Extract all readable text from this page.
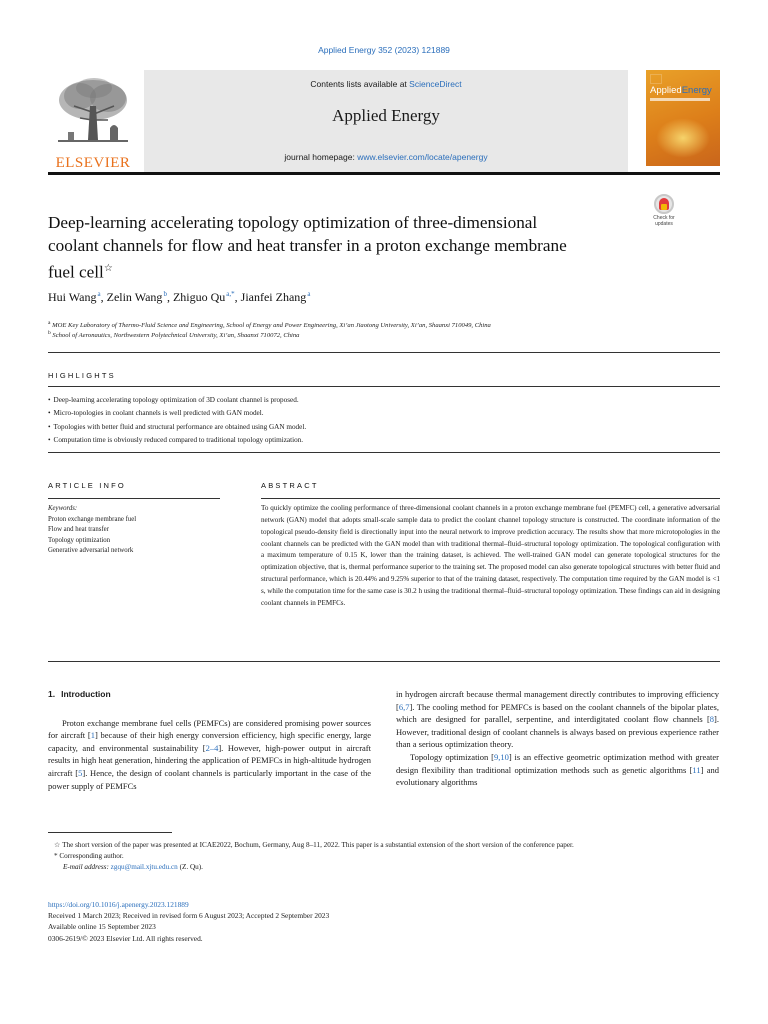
Applied Energy 352 (2023) 121889
ELSEVIER
Contents lists available at ScienceDirect
Applied Energy
journal homepage: www.elsevier.com/locate/apenergy
AppliedEnergy
Deep-learning accelerating topology optimization of three-dimensional
coolant channels for flow and heat transfer in a proton exchange membrane
fuel cell☆
Check for
updates
Hui Wang $^a$, Zelin Wang $^b$, Zhiguo Qu $^{a,*}$, Jianfei Zhang $^a$
$^a$ MOE Key Laboratory of Thermo-Fluid Science and Engineering, School of Energy and Power Engineering, Xi’an Jiaotong University, Xi’an, Shaanxi 710049, China
$^b$ School of Aeronautics, Northwestern Polytechnical University, Xi’an, Shaanxi 710072, China
HIGHLIGHTS
• Deep-learning accelerating topology optimization of 3D coolant channel is proposed.
• Micro-topologies in coolant channels is well predicted with GAN model.
• Topologies with better fluid and structural performance are obtained using GAN model.
• Computation time is obviously reduced compared to traditional topology optimization.
ARTICLE INFO
Keywords:
Proton exchange membrane fuel
Flow and heat transfer
Topology optimization
Generative adversarial network
ABSTRACT
To quickly optimize the cooling performance of three-dimensional coolant channels in a proton exchange membrane fuel (PEMFC) cell, a generative adversarial network (GAN) model that adopts small-scale sample data to predict the coolant channel topology structure is constructed. The coordinate information of the topological pseudo-density field is directionally input into the neural network to improve prediction accuracy. The results show that more microtopologies in the coolant channels can be predicted with the GAN model than with traditional thermal–fluid–structural topology optimization. The topological configuration with a maximum temperature of 0.15 K, lower than the training dataset, is achieved. The well-trained GAN model can generate topological structures for the optimization objective, that is, thermal performance superior to the training set. The proposed model can also generate topological structures with better fluid and structural performance, which is 20.44% and 9.25% superior to that of the training dataset, respectively. The computation time required by the GAN model is <1 s, while the computation time for the same case is 30.2 h using the traditional thermal–fluid–structural topology optimization. These findings can aid in designing coolant channels in PEMFCs.
1. Introduction

Proton exchange membrane fuel cells (PEMFCs) are considered promising power sources for aircraft [1] because of their high energy conversion efficiency, high specific energy, large capacity, and environmental sustainability [2–4]. However, high-power output in aircraft results in high heat generation, hindering the application of PEMFCs in high-altitude hydrogen aircraft [5]. Hence, the design of coolant channels is particularly important in the case of the power supply of PEMFCs

in hydrogen aircraft because thermal management directly contributes to improving efficiency [6,7]. The cooling method for PEMFCs is based on the coolant channels of the bipolar plates, which are designed for parallel, serpentine, and interdigitated coolant flow channels [8]. However, traditional design of coolant channels is always based on previous experience rather than a serious optimization theory.

Topology optimization [9,10] is an effective geometric optimization method with greater design flexibility than traditional optimization methods such as genetic algorithms [11] and evolutionary algorithms

☆ The short version of the paper was presented at ICAE2022, Bochum, Germany, Aug 8–11, 2022. This paper is a substantial extension of the short version of the conference paper.
* Corresponding author.
E-mail address: zgqu@mail.xjtu.edu.cn (Z. Qu).
https://doi.org/10.1016/j.apenergy.2023.121889
Received 1 March 2023; Received in revised form 6 August 2023; Accepted 2 September 2023
Available online 15 September 2023
0306-2619/© 2023 Elsevier Ltd. All rights reserved.
